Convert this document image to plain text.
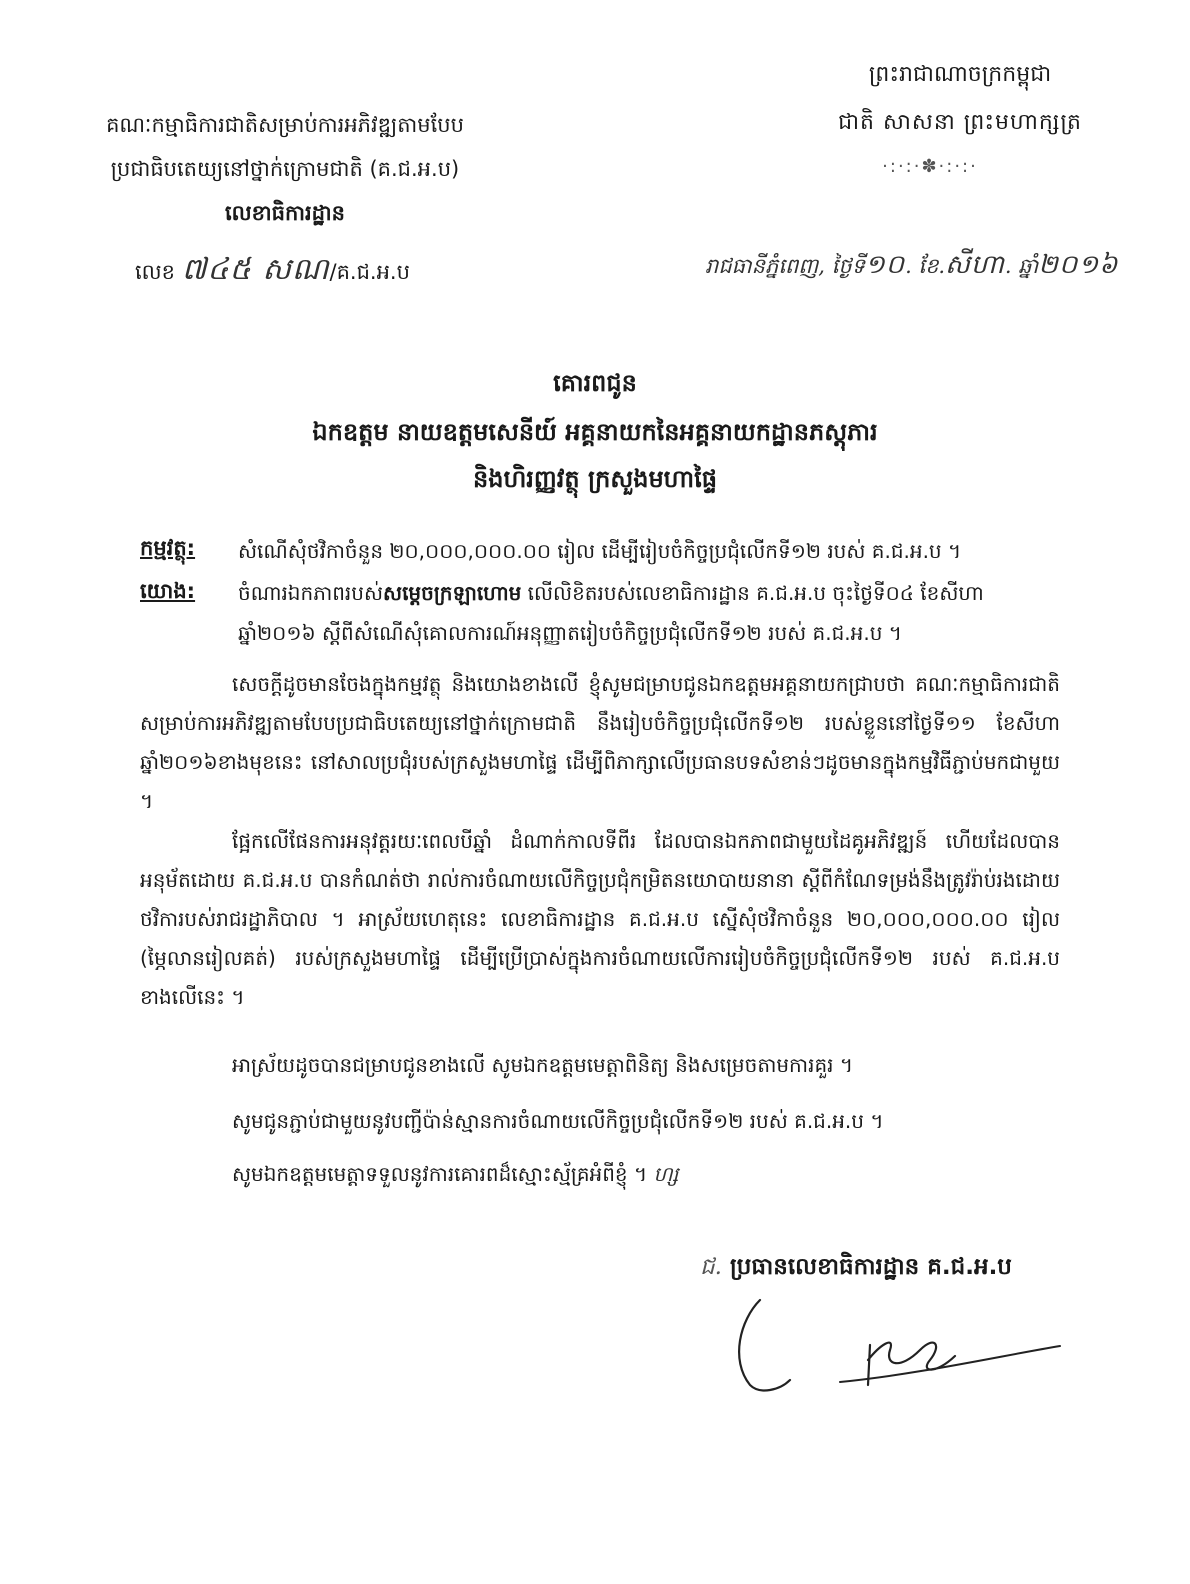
ព្រះរាជាណាចក្រកម្ពុជា
ជាតិ សាសនា ព្រះមហាក្សត្រ
·:·:·✽·:·:·
គណៈកម្មាធិការជាតិសម្រាប់ការអភិវឌ្ឍតាមបែប
ប្រជាធិបតេយ្យនៅថ្នាក់ក្រោមជាតិ (គ.ជ.អ.ប)
លេខាធិការដ្ឋាន
លេខ ៧៤៥ សណ/គ.ជ.អ.ប	រាជធានីភ្នំពេញ, ថ្ងៃទី១០. ខែ.សីហា. ឆ្នាំ២០១៦
គោរពជូន
ឯកឧត្តម នាយឧត្តមសេនីយ៍ អគ្គនាយកនៃអគ្គនាយកដ្ឋានភស្តុភារ
និងហិរញ្ញវត្ថុ ក្រសួងមហាផ្ទៃ
កម្មវត្ថុ: សំណើសុំថវិកាចំនួន ២០,០០០,០០០.០០ រៀល ដើម្បីរៀបចំកិច្ចប្រជុំលើកទី១២ របស់ គ.ជ.អ.ប ។
យោង: ចំណារឯកភាពរបស់សម្តេចក្រឡាហោម លើលិខិតរបស់លេខាធិការដ្ឋាន គ.ជ.អ.ប ចុះថ្ងៃទី០៤ ខែសីហា
ឆ្នាំ២០១៦ ស្តីពីសំណើសុំគោលការណ៍អនុញ្ញាតរៀបចំកិច្ចប្រជុំលើកទី១២ របស់ គ.ជ.អ.ប ។
សេចក្តីដូចមានចែងក្នុងកម្មវត្ថុ និងយោងខាងលើ ខ្ញុំសូមជម្រាបជូនឯកឧត្តមអគ្គនាយកជ្រាបថា គណៈកម្មាធិការជាតិសម្រាប់ការអភិវឌ្ឍតាមបែបប្រជាធិបតេយ្យនៅថ្នាក់ក្រោមជាតិ នឹងរៀបចំកិច្ចប្រជុំលើកទី១២ របស់ខ្លួននៅថ្ងៃទី១១ ខែសីហា ឆ្នាំ២០១៦ខាងមុខនេះ នៅសាលប្រជុំរបស់ក្រសួងមហាផ្ទៃ ដើម្បីពិភាក្សាលើប្រធានបទសំខាន់ៗដូចមានក្នុងកម្មវិធីភ្ជាប់មកជាមួយ ។
ផ្អែកលើផែនការអនុវត្តរយៈពេលបីឆ្នាំ ដំណាក់កាលទីពីរ ដែលបានឯកភាពជាមួយដៃគូអភិវឌ្ឍន៍ ហើយដែលបានអនុម័តដោយ គ.ជ.អ.ប បានកំណត់ថា រាល់ការចំណាយលើកិច្ចប្រជុំកម្រិតនយោបាយនានា ស្តីពីកំណែទម្រង់នឹងត្រូវរ៉ាប់រងដោយថវិការបស់រាជរដ្ឋាភិបាល ។ អាស្រ័យហេតុនេះ លេខាធិការដ្ឋាន គ.ជ.អ.ប ស្នើសុំថវិកាចំនួន ២០,០០០,០០០.០០ រៀល (ម្ភៃលានរៀលគត់) របស់ក្រសួងមហាផ្ទៃ ដើម្បីប្រើប្រាស់ក្នុងការចំណាយលើការរៀបចំកិច្ចប្រជុំលើកទី១២ របស់ គ.ជ.អ.ប ខាងលើនេះ ។
អាស្រ័យដូចបានជម្រាបជូនខាងលើ សូមឯកឧត្តមមេត្តាពិនិត្យ និងសម្រេចតាមការគួរ ។
សូមជូនភ្ជាប់ជាមួយនូវបញ្ជីប៉ាន់ស្មានការចំណាយលើកិច្ចប្រជុំលើកទី១២ របស់ គ.ជ.អ.ប ។
សូមឯកឧត្តមមេត្តាទទួលនូវការគោរពដ៏ស្មោះស្ម័គ្រអំពីខ្ញុំ ។ ហ្ស
ជ. ប្រធានលេខាធិការដ្ឋាន គ.ជ.អ.ប
